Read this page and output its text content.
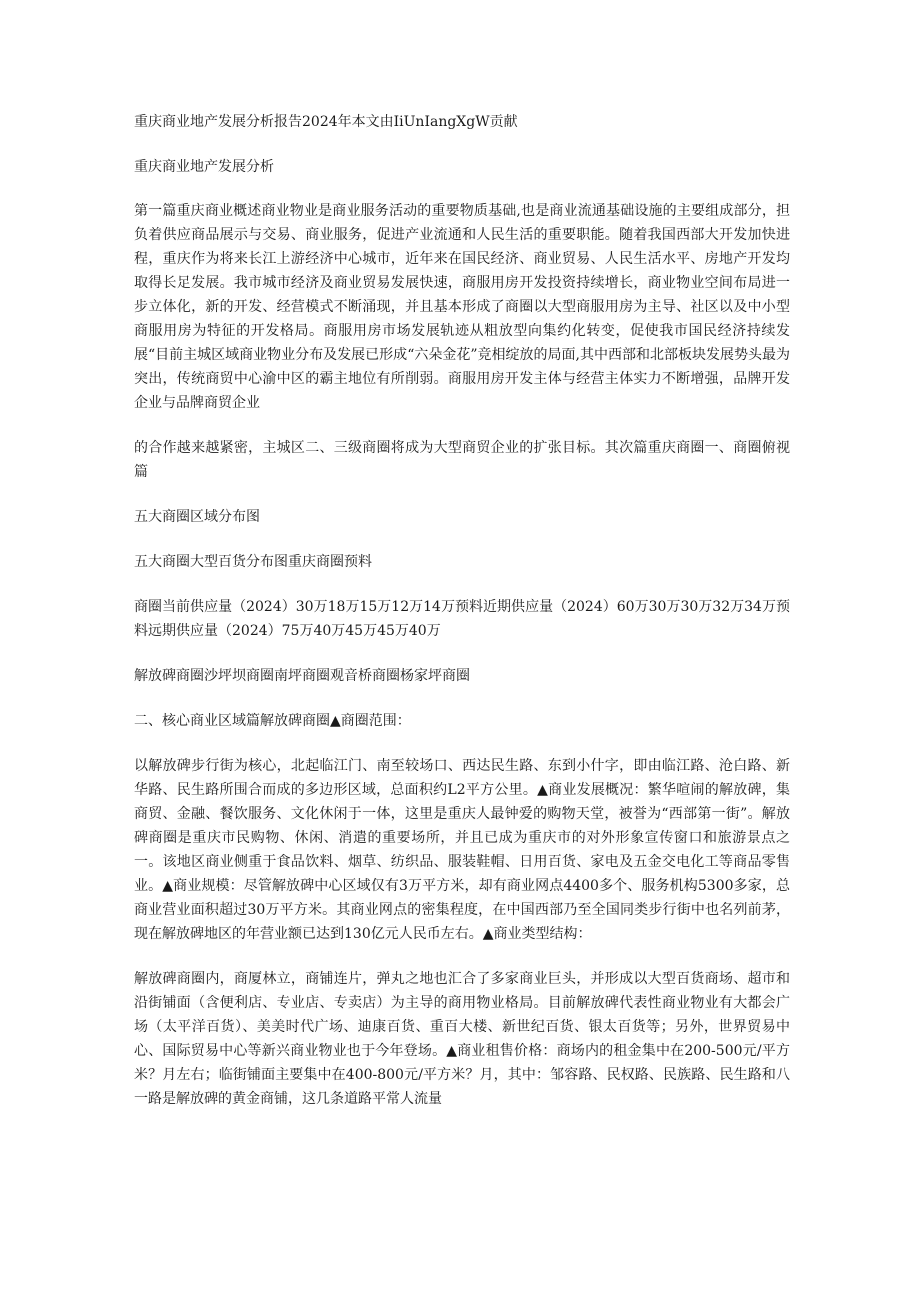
重庆商业地产发展分析报告2024年本文由IiUnIangXgW贡献

重庆商业地产发展分析

第一篇重庆商业概述商业物业是商业服务活动的重要物质基础,也是商业流通基础设施的主要组成部分，担负着供应商品展示与交易、商业服务，促进产业流通和人民生活的重要职能。随着我国西部大开发加快进程，重庆作为将来长江上游经济中心城市，近年来在国民经济、商业贸易、人民生活水平、房地产开发均取得长足发展。我市城市经济及商业贸易发展快速，商服用房开发投资持续增长，商业物业空间布局进一步立体化，新的开发、经营模式不断涌现，并且基本形成了商圈以大型商服用房为主导、社区以及中小型商服用房为特征的开发格局。商服用房市场发展轨迹从粗放型向集约化转变，促使我市国民经济持续发展“目前主城区域商业物业分布及发展已形成“六朵金花”竞相绽放的局面,其中西部和北部板块发展势头最为突出，传统商贸中心渝中区的霸主地位有所削弱。商服用房开发主体与经营主体实力不断增强，品牌开发企业与品牌商贸企业

的合作越来越紧密，主城区二、三级商圈将成为大型商贸企业的扩张目标。其次篇重庆商圈一、商圈俯视篇

五大商圈区域分布图

五大商圈大型百货分布图重庆商圈预料

商圈当前供应量（2024）30万18万15万12万14万预料近期供应量（2024）60万30万30万32万34万预料远期供应量（2024）75万40万45万45万40万

解放碑商圈沙坪坝商圈南坪商圈观音桥商圈杨家坪商圈

二、核心商业区域篇解放碑商圈▲商圈范围：

以解放碑步行街为核心，北起临江门、南至较场口、西达民生路、东到小什字，即由临江路、沧白路、新华路、民生路所围合而成的多边形区域，总面积约L2平方公里。▲商业发展概况：繁华喧闹的解放碑，集商贸、金融、餐饮服务、文化休闲于一体，这里是重庆人最钟爱的购物天堂，被誉为“西部第一街”。解放碑商圈是重庆市民购物、休闲、消遣的重要场所，并且已成为重庆市的对外形象宣传窗口和旅游景点之一。该地区商业侧重于食品饮料、烟草、纺织品、服装鞋帽、日用百货、家电及五金交电化工等商品零售业。▲商业规模：尽管解放碑中心区域仅有3万平方米，却有商业网点4400多个、服务机构5300多家，总商业营业面积超过30万平方米。其商业网点的密集程度，在中国西部乃至全国同类步行街中也名列前茅，现在解放碑地区的年营业额已达到130亿元人民币左右。▲商业类型结构：

解放碑商圈内，商厦林立，商铺连片，弹丸之地也汇合了多家商业巨头，并形成以大型百货商场、超市和沿街铺面（含便利店、专业店、专卖店）为主导的商用物业格局。目前解放碑代表性商业物业有大都会广场（太平洋百货）、美美时代广场、迪康百货、重百大楼、新世纪百货、银太百货等；另外，世界贸易中心、国际贸易中心等新兴商业物业也于今年登场。▲商业租售价格：商场内的租金集中在200-500元/平方米？月左右；临街铺面主要集中在400-800元/平方米？月，其中：邹容路、民权路、民族路、民生路和八一路是解放碑的黄金商铺，这几条道路平常人流量
